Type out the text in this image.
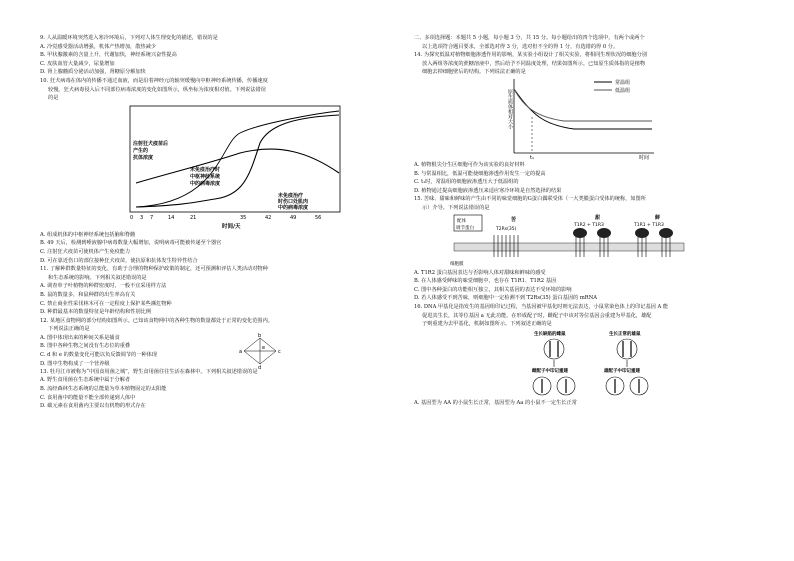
9. 人从温暖环境突然进入寒冷环境后，下列对人体生理变化的描述，错误的是
A. 冷觉感受器活动增强，机体产热增加，散热减少
B. 甲状腺激素的含量上升，代谢加快，神经系统兴奋性提高
C. 皮肤血管大量减少，尿量增加
D. 肾上腺髓质分泌活动加强，肾糖原分解加快
10. 狂犬病毒在体内的传播不通过血液，而是沿着神经元的轴突缓慢向中枢神经系统传播，传播速度
较慢。狂犬病毒侵入后不同部位病毒浓度的变化如图所示，纵坐标为浓度相对值。下列说法错误
的是
注射狂犬疫苗后
产生的
抗体浓度
未免疫治疗时
中枢神经系统
中的病毒浓度
未免疫治疗
时伤口处肌肉
中的病毒浓度
0 3 7	14	21	35	42	49	56
时间/天
A. 组成机体的中枢神经系统包括脑和脊髓
B. 49 天后，检测到唾液腺中病毒数量大幅增加，说明病毒可能被传递至个器官
C. 注射狂犬疫苗可使机体产生免疫能力
D. 可在靠近伤口的部位接种狂犬疫苗，使抗原和抗体发生特异性结合
11. 了解种群数量特征的变化，有助于合理的物种保护政策的制定，还可预测和评估人类活动对物种
和生态系统的影响。下列相关叙述错误的是
A. 调查单子叶植物的种群密度时，一般不宜采用样方法
B. 鼠的数量多，和鼠种群的出生率高有关
C. 禁止商业性采伐林木可在一定程度上保护某些濒危物种
D. 种群最基本的数量特征是年龄结构和性别比例
12. 某地区食物网的部分结构如图所示。已知该食物网中的各种生物的数量都处于正常的变化范围内。
下列说法正确的是
A. 图中体现出来的种间关系是捕食
B. 图中各种生物之间没有生态位的重叠
C. d 和 e 的数量变化可能以负反馈调节的一种体现
D. 图中生物构成了一个营养级
a
b
c
d
e
13. 牡丹江市被称为“中国食用菌之城”，野生食用菌往往生活在森林中。下列相关叙述错误的是
A. 野生食用菌在生态系统中属于分解者
B. 流经森林生态系统的总能量为草本植物固定的太阳能
C. 食用菌中的能量不能全部传递到人体中
D. 碳元素在食用菌内主要以有机物的形式存在
二、多项选择题：本题共 5 小题，每小题 3 分，共 15 分。每小题给出的四个选项中，有两个或两个
以上选项符合题目要求，全部选对得 3 分，选对但不全的得 1 分，有选错的得 0 分。
14. 为探究低温对植物细胞渗透作用的影响，某实验小组设计了相关实验，将相同生理状况的细胞分别
放入两组等浓度的蔗糖溶液中，然后给予不同温度处理，结果如图所示。已知原生质体指的是植物
细胞去掉细胞壁后的结构。下列说法正确的是
t₁	时间
原生质体相对大小
常温组
低温组
A. 植物根尖分生区细胞可作为该实验的良好材料
B. 与常温相比，低温可能使细胞渗透作用发生一定的提高
C. t₁时，常温组的细胞液渗透压大于低温组的
D. 植物通过提高细胞液渗透压来适应寒冷环境是自然选择的结果
15. 苦味、甜味和鲜味的产生由不同的味觉细胞的G蛋白偶联受体（一大类膜蛋白受体的统称，如图所
示）介导。下列说法错误的是
配体
调节蛋白
苦	甜	鲜
T2Rs(35)
T1R2 + T1R3	T1R1 + T1R3
细胞膜
A. T1R2 蛋白基因表达与否影响人体对甜味和鲜味的感受
B. 在人体感受鲜味的味觉细胞中，也存在 T1R1、T1R2 基因
C. 图中各种蛋白的功能相互独立，其相关基因的表达不受环境的影响
D. 若人体感受不到苦味，则细胞中一定检测不到 T2Rs(35) 蛋白基因的 mRNA
16. DNA 甲基化是指发生的基因组印记过程，当基因被甲基化时则无法表达，小鼠常染色体上的印记基因 A 能
促进其生长，其等位基因 a 无此功能。在形成配子时，雌配子中该对等位基因会重建为甲基化，雄配
子则重建为去甲基化，机制如图所示。下列叙述正确的是
生长缺陷的雌鼠	生长正常的雄鼠
雌配子中印记重建	雄配子中印记重建
A. 基因型为 AA 的小鼠生长正常，基因型为 Aa 的小鼠不一定生长正常
